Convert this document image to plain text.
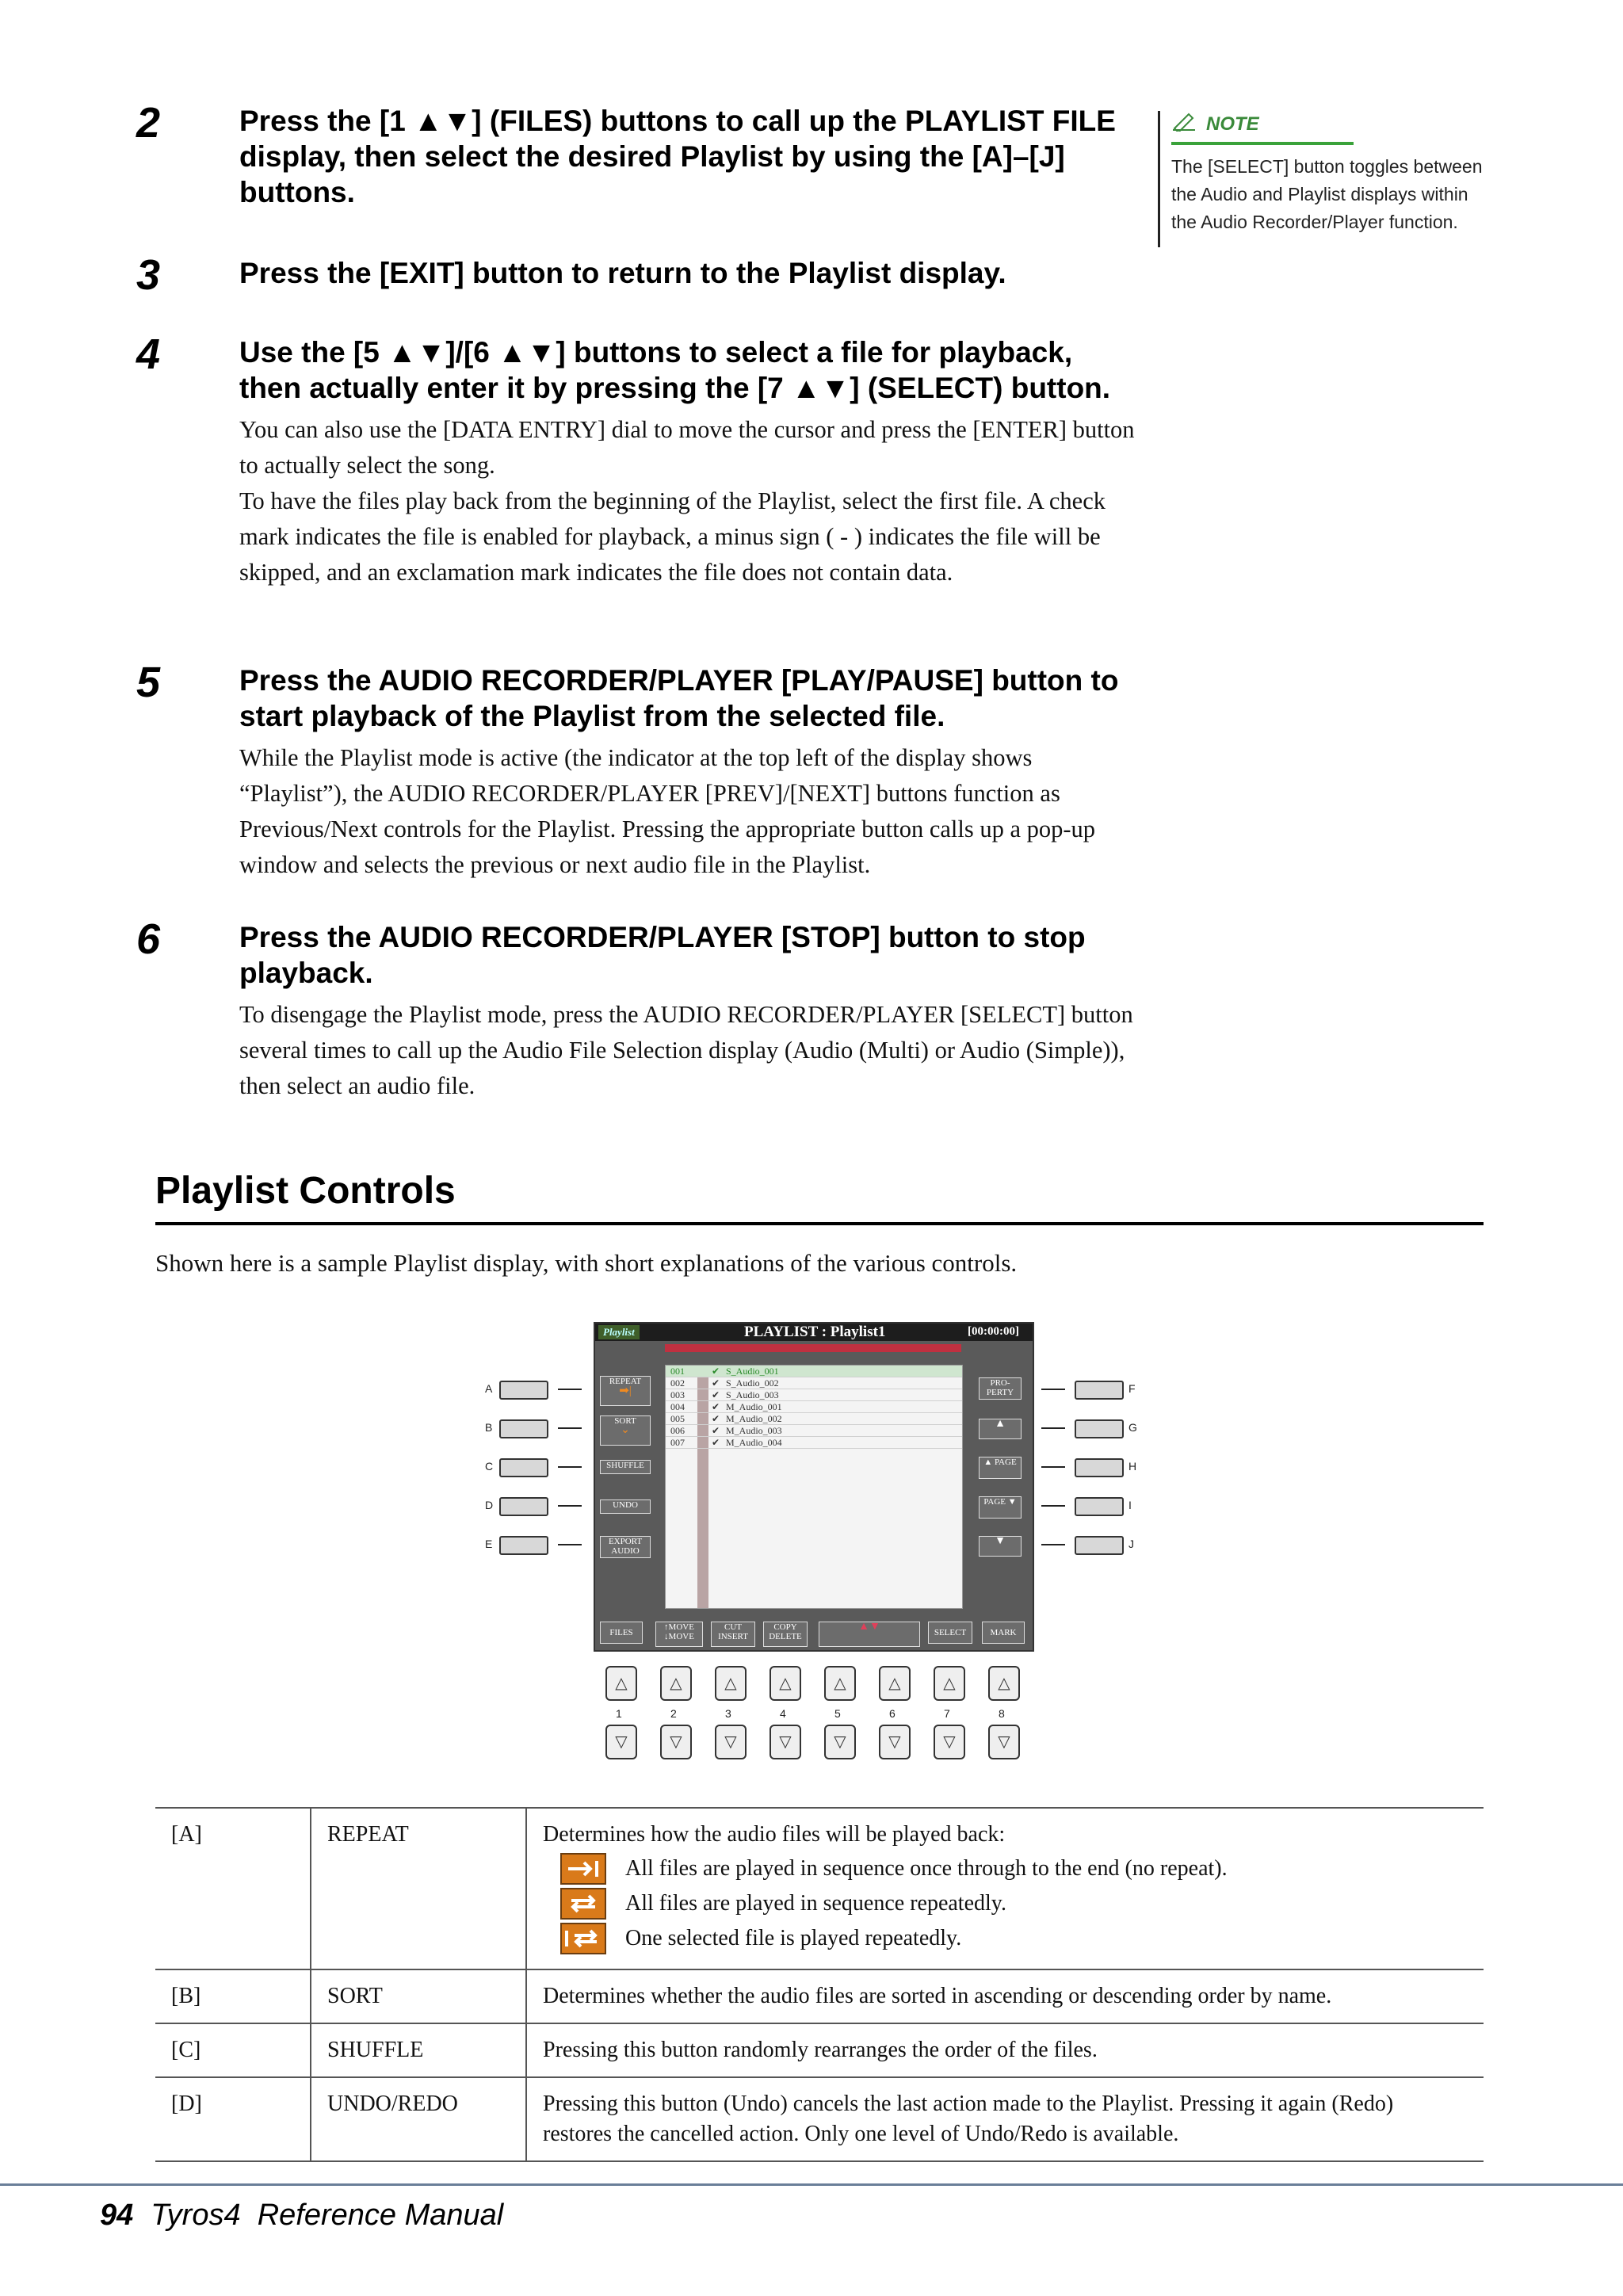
2	Press the [1 ▲▼] (FILES) buttons to call up the PLAYLIST FILE display, then select the desired Playlist by using the [A]–[J] buttons.
3	Press the [EXIT] button to return to the Playlist display.
4	Use the [5 ▲▼]/[6 ▲▼] buttons to select a file for playback, then actually enter it by pressing the [7 ▲▼] (SELECT) button.

You can also use the [DATA ENTRY] dial to move the cursor and press the [ENTER] button to actually select the song.

To have the files play back from the beginning of the Playlist, select the first file. A check mark indicates the file is enabled for playback, a minus sign ( - ) indicates the file will be skipped, and an exclamation mark indicates the file does not contain data.

5	Press the AUDIO RECORDER/PLAYER [PLAY/PAUSE] button to start playback of the Playlist from the selected file.

While the Playlist mode is active (the indicator at the top left of the display shows “Playlist”), the AUDIO RECORDER/PLAYER [PREV]/[NEXT] buttons function as Previous/Next controls for the Playlist. Pressing the appropriate button calls up a pop-up window and selects the previous or next audio file in the Playlist.

6	Press the AUDIO RECORDER/PLAYER [STOP] button to stop playback.

To disengage the Playlist mode, press the AUDIO RECORDER/PLAYER [SELECT] button several times to call up the Audio File Selection display (Audio (Multi) or Audio (Simple)), then select an audio file.

NOTE
The [SELECT] button toggles between the Audio and Playlist displays within the Audio Recorder/Player function.
Playlist Controls
Shown here is a sample Playlist display, with short explanations of the various controls.
A
B
C
D
E
F
G
H
I
J
Playlist	PLAYLIST : Playlist1	[00:00:00]
001	✔ S_Audio_001
002	✔ S_Audio_002
003	✔ S_Audio_003
004	✔ M_Audio_001
005	✔ M_Audio_002
006	✔ M_Audio_003
007	✔ M_Audio_004
REPEAT
➡|
SORT
⌄
SHUFFLE
UNDO
EXPORT AUDIO
PRO-PERTY
▲
▲ PAGE
PAGE ▼
▼
FILES
↑MOVE ↓MOVE
CUT INSERT
COPY DELETE
▲▼	SELECT	MARK
△
1
▽
△
2
▽
△
3
▽
△
4
▽
△
5
▽
△
6
▽
△
7
▽
△
8
▽
[A]	REPEAT	Determines how the audio files will be played back:
All files are played in sequence once through to the end (no repeat).
All files are played in sequence repeatedly.
One selected file is played repeatedly.

[B]	SORT	Determines whether the audio files are sorted in ascending or descending order by name.
[C]	SHUFFLE	Pressing this button randomly rearranges the order of the files.
[D]	UNDO/REDO	Pressing this button (Undo) cancels the last action made to the Playlist. Pressing it again (Redo) restores the cancelled action. Only one level of Undo/Redo is available.
94 Tyros4  Reference Manual
